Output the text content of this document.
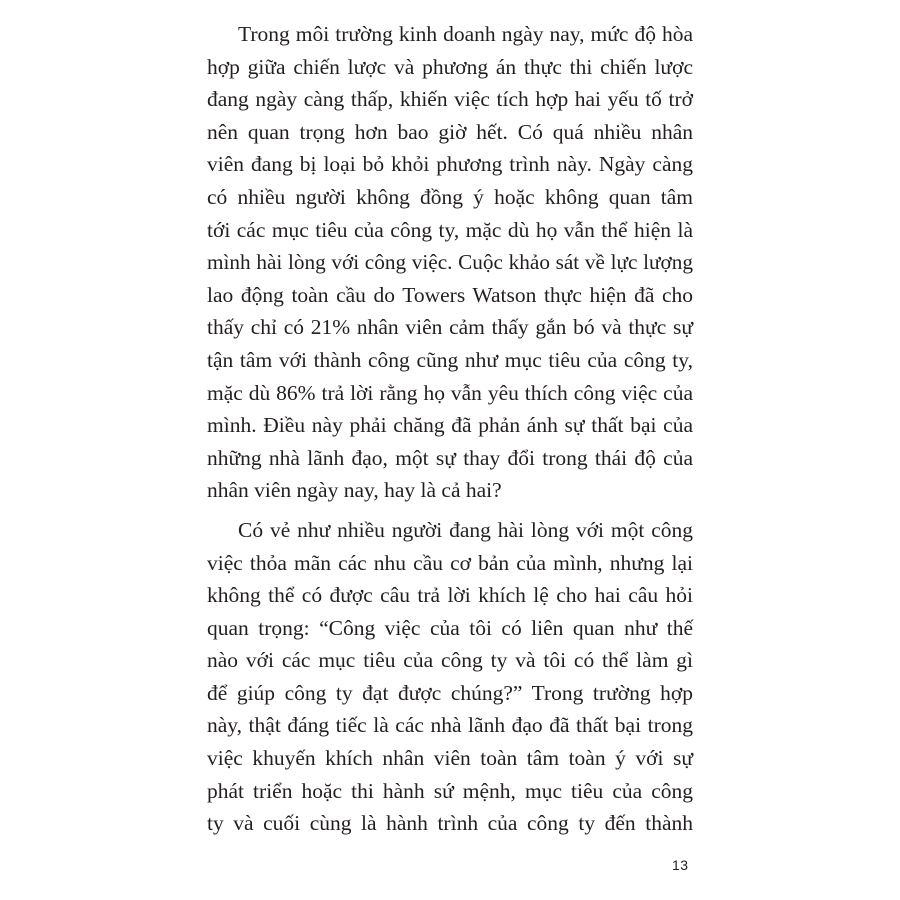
Trong môi trường kinh doanh ngày nay, mức độ hòa
hợp giữa chiến lược và phương án thực thi chiến lược
đang ngày càng thấp, khiến việc tích hợp hai yếu tố trở
nên quan trọng hơn bao giờ hết. Có quá nhiều nhân
viên đang bị loại bỏ khỏi phương trình này. Ngày càng
có nhiều người không đồng ý hoặc không quan tâm
tới các mục tiêu của công ty, mặc dù họ vẫn thể hiện là
mình hài lòng với công việc. Cuộc khảo sát về lực lượng
lao động toàn cầu do Towers Watson thực hiện đã cho
thấy chỉ có 21% nhân viên cảm thấy gắn bó và thực sự
tận tâm với thành công cũng như mục tiêu của công ty,
mặc dù 86% trả lời rằng họ vẫn yêu thích công việc của
mình. Điều này phải chăng đã phản ánh sự thất bại của
những nhà lãnh đạo, một sự thay đổi trong thái độ của
nhân viên ngày nay, hay là cả hai?
Có vẻ như nhiều người đang hài lòng với một công
việc thỏa mãn các nhu cầu cơ bản của mình, nhưng lại
không thể có được câu trả lời khích lệ cho hai câu hỏi
quan trọng: “Công việc của tôi có liên quan như thế
nào với các mục tiêu của công ty và tôi có thể làm gì
để giúp công ty đạt được chúng?” Trong trường hợp
này, thật đáng tiếc là các nhà lãnh đạo đã thất bại trong
việc khuyến khích nhân viên toàn tâm toàn ý với sự
phát triển hoặc thi hành sứ mệnh, mục tiêu của công
ty và cuối cùng là hành trình của công ty đến thành
13
